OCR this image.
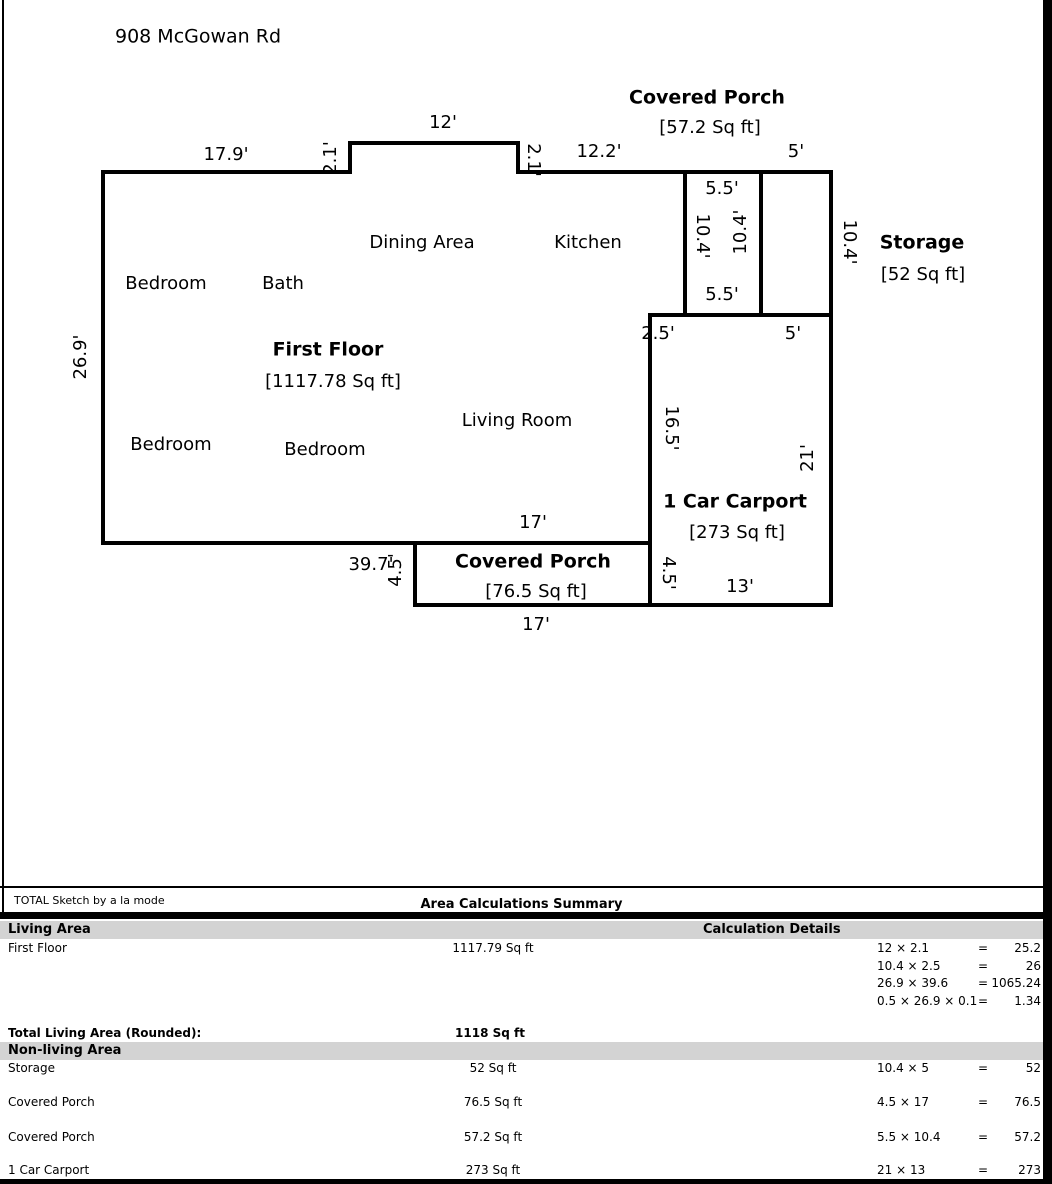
908 McGowan Rd
17.9'	2.1'
12'
2.1' 12.2'
Covered Porch
[57.2 Sq ft]
5'
5.5'
10.4' 10.4'	10.4' Storage
[52 Sq ft]
Dining Area	Kitchen
Bedroom	Bath
5.5'
2.5'	5'
26.9'	First Floor
[1117.78 Sq ft]
Living Room	16.5'
21'
Bedroom	Bedroom
1 Car Carport
[273 Sq ft]
17'
39.7'
4.5'	Covered Porch
[76.5 Sq ft]
4.5'	13'
17'
TOTAL Sketch by a la mode	Area Calculations Summary
Living Area	Calculation Details
First Floor	1117.79 Sq ft	12 × 2.1	= 25.2
10.4 × 2.5	=	26
26.9 × 39.6 = 1065.24
0.5 × 26.9 × 0.1 = 1.34
Total Living Area (Rounded):	1118 Sq ft
Non-living Area
Storage	52 Sq ft	10.4 × 5	=	52
Covered Porch	76.5 Sq ft	4.5 × 17	= 76.5
Covered Porch	57.2 Sq ft	5.5 × 10.4	= 57.2
1 Car Carport	273 Sq ft	21 × 13	=	273
